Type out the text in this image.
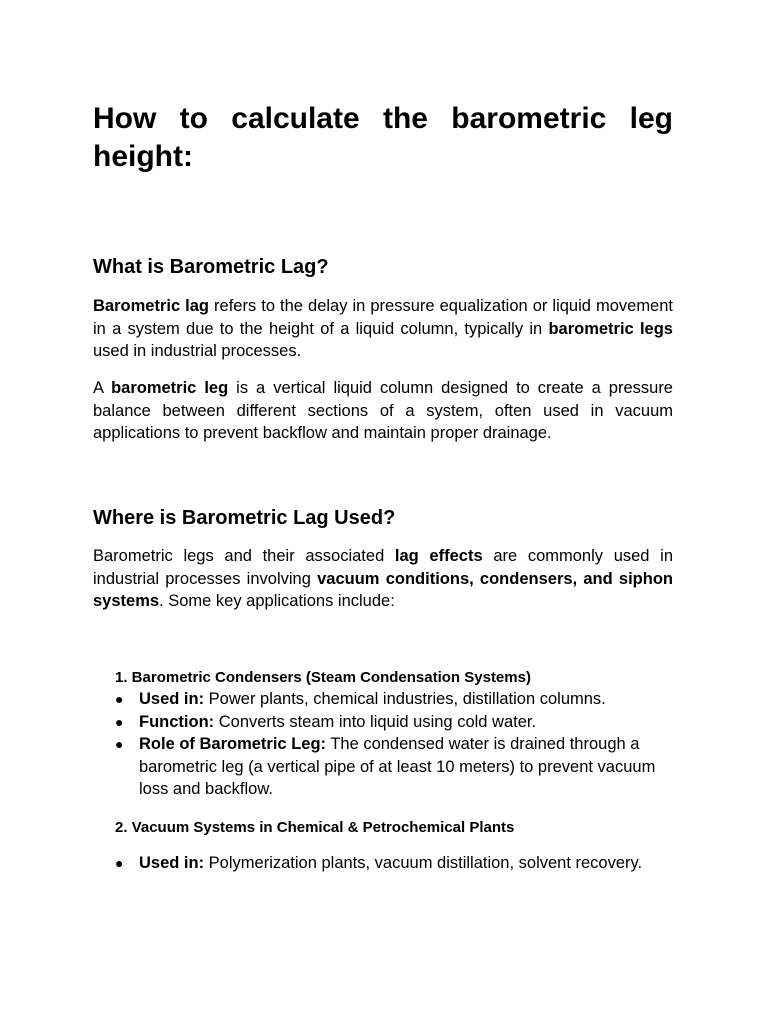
How to calculate the barometric leg
height:
What is Barometric Lag?

Barometric lag refers to the delay in pressure equalization or liquid movement in a system due to the height of a liquid column, typically in barometric legs used in industrial processes.

A barometric leg is a vertical liquid column designed to create a pressure balance between different sections of a system, often used in vacuum applications to prevent backflow and maintain proper drainage.

Where is Barometric Lag Used?

Barometric legs and their associated lag effects are commonly used in industrial processes involving vacuum conditions, condensers, and siphon systems. Some key applications include:

1. Barometric Condensers (Steam Condensation Systems)
● Used in: Power plants, chemical industries, distillation columns.
● Function: Converts steam into liquid using cold water.
● Role of Barometric Leg: The condensed water is drained through a barometric leg (a vertical pipe of at least 10 meters) to prevent vacuum loss and backflow.
2. Vacuum Systems in Chemical & Petrochemical Plants
● Used in: Polymerization plants, vacuum distillation, solvent recovery.
